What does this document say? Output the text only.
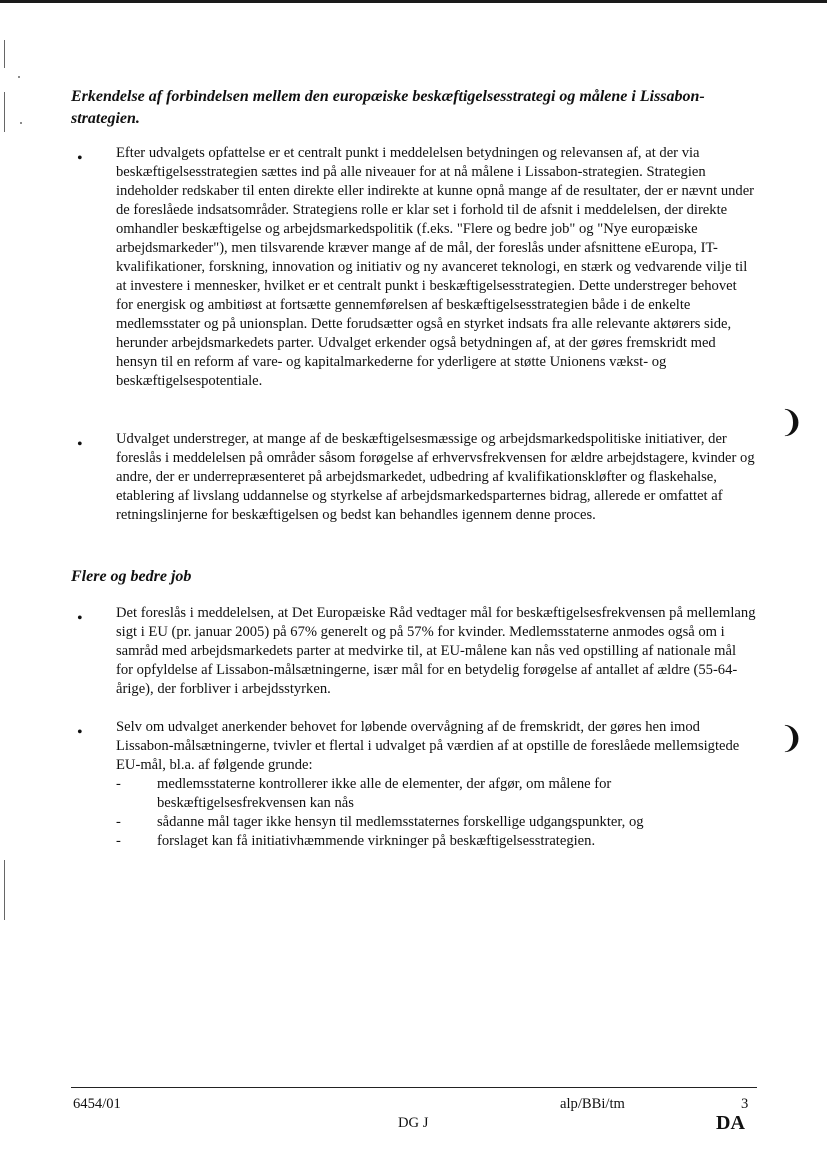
Erkendelse af forbindelsen mellem den europæiske beskæftigelsesstrategi og målene i Lissabon-strategien.
• Efter udvalgets opfattelse er et centralt punkt i meddelelsen betydningen og relevansen af, at der via beskæftigelsesstrategien sættes ind på alle niveauer for at nå målene i Lissabon-strategien. Strategien indeholder redskaber til enten direkte eller indirekte at kunne opnå mange af de resultater, der er nævnt under de foreslåede indsatsområder. Strategiens rolle er klar set i forhold til de afsnit i meddelelsen, der direkte omhandler beskæftigelse og arbejdsmarkedspolitik (f.eks. "Flere og bedre job" og "Nye europæiske arbejdsmarkeder"), men tilsvarende kræver mange af de mål, der foreslås under afsnittene eEuropa, IT-kvalifikationer, forskning, innovation og initiativ og ny avanceret teknologi, en stærk og vedvarende vilje til at investere i mennesker, hvilket er et centralt punkt i beskæftigelsesstrategien. Dette understreger behovet for energisk og ambitiøst at fortsætte gennemførelsen af beskæftigelsesstrategien både i de enkelte medlemsstater og på unionsplan. Dette forudsætter også en styrket indsats fra alle relevante aktørers side, herunder arbejdsmarkedets parter. Udvalget erkender også betydningen af, at der gøres fremskridt med hensyn til en reform af vare- og kapitalmarkederne for yderligere at støtte Unionens vækst- og beskæftigelsespotentiale.

• Udvalget understreger, at mange af de beskæftigelsesmæssige og arbejdsmarkedspolitiske initiativer, der foreslås i meddelelsen på områder såsom forøgelse af erhvervsfrekvensen for ældre arbejdstagere, kvinder og andre, der er underrepræsenteret på arbejdsmarkedet, udbedring af kvalifikationskløfter og flaskehalse, etablering af livslang uddannelse og styrkelse af arbejdsmarkedsparternes bidrag, allerede er omfattet af retningslinjerne for beskæftigelsen og bedst kan behandles igennem denne proces.

Flere og bedre job
• Det foreslås i meddelelsen, at Det Europæiske Råd vedtager mål for beskæftigelsesfrekvensen på mellemlang sigt i EU (pr. januar 2005) på 67% generelt og på 57% for kvinder. Medlemsstaterne anmodes også om i samråd med arbejdsmarkedets parter at medvirke til, at EU-målene kan nås ved opstilling af nationale mål for opfyldelse af Lissabon-målsætningerne, især mål for en betydelig forøgelse af antallet af ældre (55-64-årige), der forbliver i arbejdsstyrken.

• Selv om udvalget anerkender behovet for løbende overvågning af de fremskridt, der gøres hen imod Lissabon-målsætningerne, tvivler et flertal i udvalget på værdien af at opstille de foreslåede mellemsigtede EU-mål, bl.a. af følgende grunde:
- medlemsstaterne kontrollerer ikke alle de elementer, der afgør, om målene for beskæftigelsesfrekvensen kan nås
- sådanne mål tager ikke hensyn til medlemsstaternes forskellige udgangspunkter, og
- forslaget kan få initiativhæmmende virkninger på beskæftigelsesstrategien.
❩
❩
6454/01	alp/BBi/tm	3
DG J	DA
